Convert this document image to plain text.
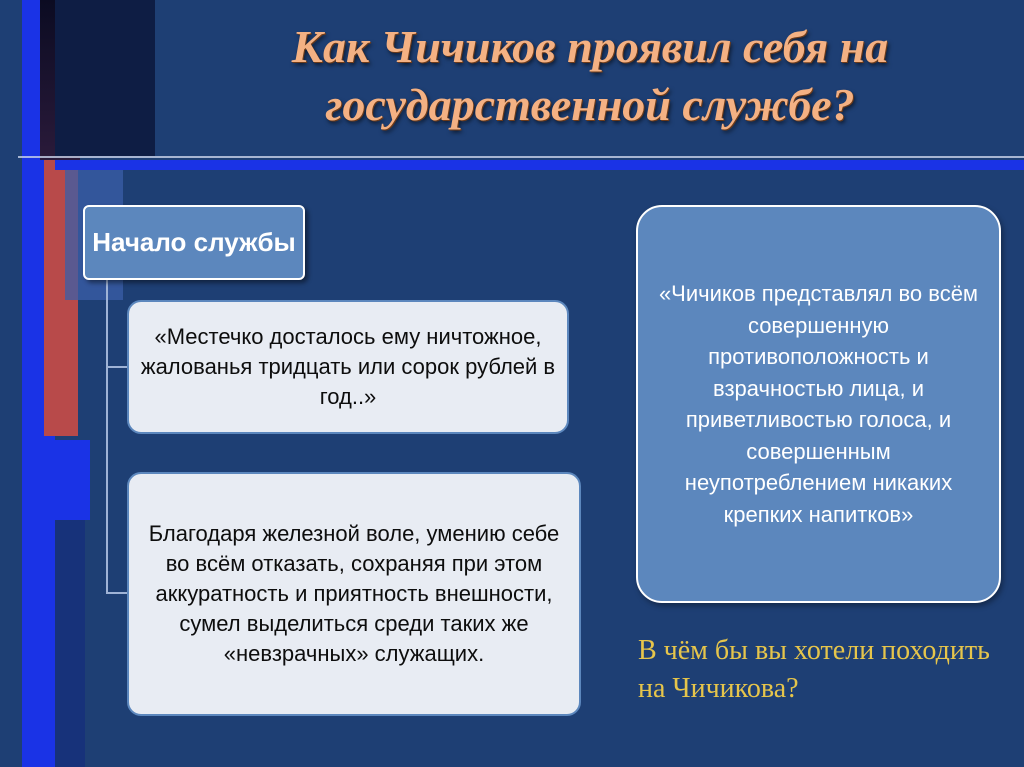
Как Чичиков проявил себя на государственной службе?
Начало службы
«Местечко досталось ему ничтожное, жалованья тридцать или сорок рублей в год..»
Благодаря железной воле, умению себе во всём отказать, сохраняя при этом аккуратность и приятность внешности, сумел выделиться среди таких же «невзрачных» служащих.
«Чичиков представлял во всём совершенную противоположность и взрачностью лица, и приветливостью голоса, и совершенным неупотреблением никаких крепких напитков»

В чём бы вы хотели походить на Чичикова?
